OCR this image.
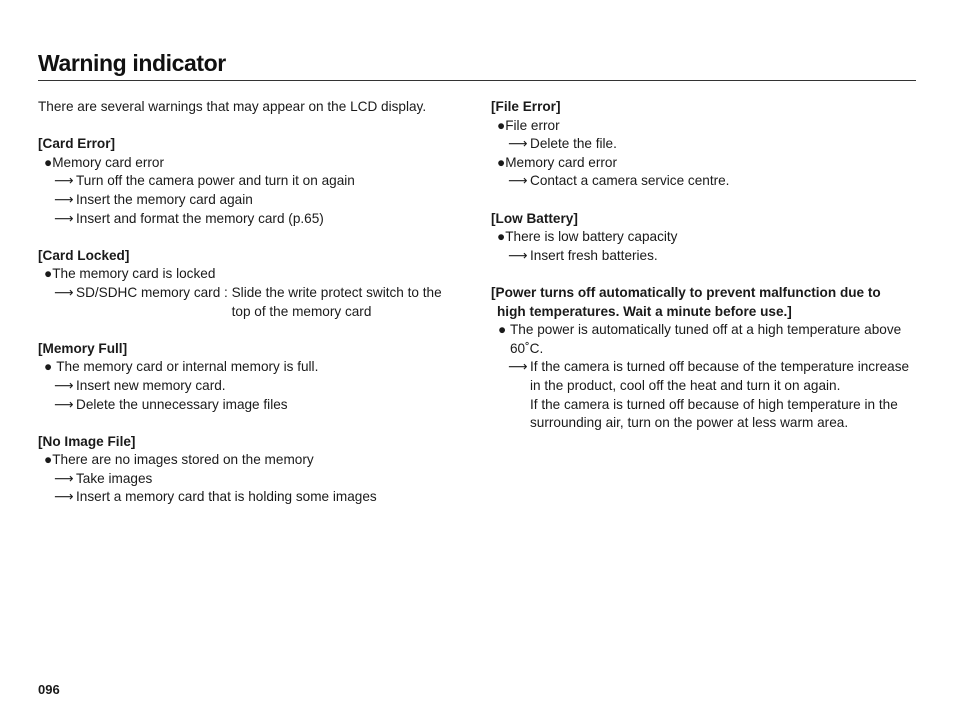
Warning indicator

There are several warnings that may appear on the LCD display.

[Card Error]

●Memory card error

⟶ Turn off the camera power and turn it on again

⟶ Insert the memory card again

⟶ Insert and format the memory card (p.65)

[Card Locked]

●The memory card is locked

⟶ SD/SDHC memory card : Slide the write protect switch to the top of the memory card

[Memory Full]

● The memory card or internal memory is full.

⟶ Insert new memory card.

⟶ Delete the unnecessary image files

[No Image File]

●There are no images stored on the memory

⟶ Take images

⟶ Insert a memory card that is holding some images

[File Error]

●File error

⟶ Delete the file.

●Memory card error

⟶ Contact a camera service centre.

[Low Battery]

●There is low battery capacity

⟶ Insert fresh batteries.

[Power turns off automatically to prevent malfunction due to high temperatures. Wait a minute before use.]

● The power is automatically tuned off at a high temperature above 60˚C.

⟶ If the camera is turned off because of the temperature increase in the product, cool off the heat and turn it on again.

If the camera is turned off because of high temperature in the surrounding air, turn on the power at less warm area.

096
